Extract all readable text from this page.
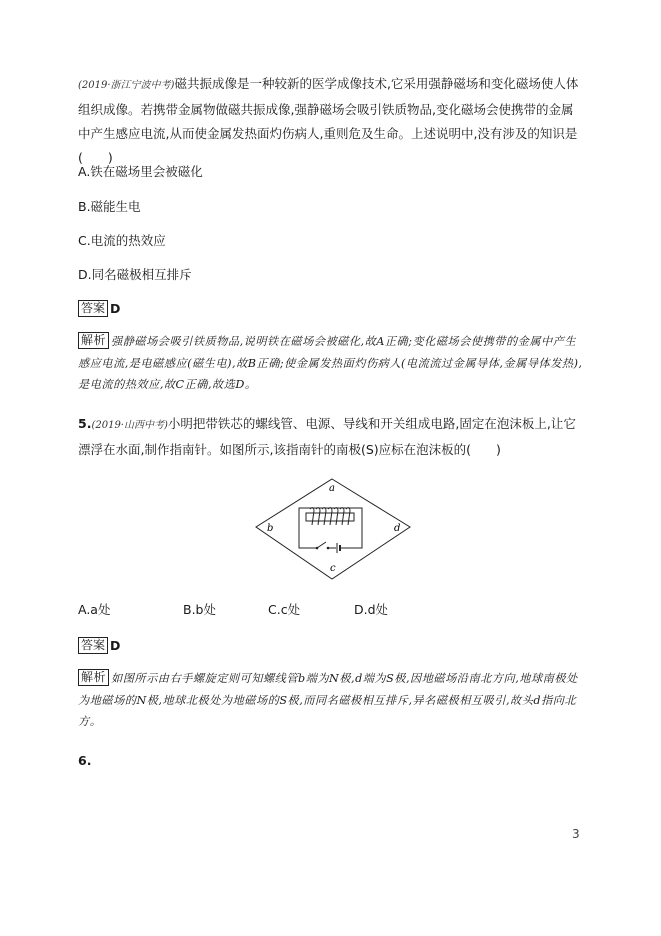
(2019·浙江宁波中考)磁共振成像是一种较新的医学成像技术,它采用强静磁场和变化磁场使人体组织成像。若携带金属物做磁共振成像,强静磁场会吸引铁质物品,变化磁场会使携带的金属中产生感应电流,从而使金属发热面灼伤病人,重则危及生命。上述说明中,没有涉及的知识是(　　)
A.铁在磁场里会被磁化
B.磁能生电
C.电流的热效应
D.同名磁极相互排斥
答案 D
解析 强静磁场会吸引铁质物品,说明铁在磁场会被磁化,故A正确;变化磁场会使携带的金属中产生感应电流,是电磁感应(磁生电),故B正确;使金属发热面灼伤病人(电流流过金属导体,金属导体发热),是电流的热效应,故C正确,故选D。
5.(2019·山西中考)小明把带铁芯的螺线管、电源、导线和开关组成电路,固定在泡沫板上,让它漂浮在水面,制作指南针。如图所示,该指南针的南极(S)应标在泡沫板的(　　)
a
b
c
d
A.a处	B.b处	C.c处	D.d处
答案 D
解析 如图所示由右手螺旋定则可知螺线管b端为N极,d端为S极,因地磁场沿南北方向,地球南极处为地磁场的N极,地球北极处为地磁场的S极,而同名磁极相互排斥,异名磁极相互吸引,故头d指向北方。
6.
3
